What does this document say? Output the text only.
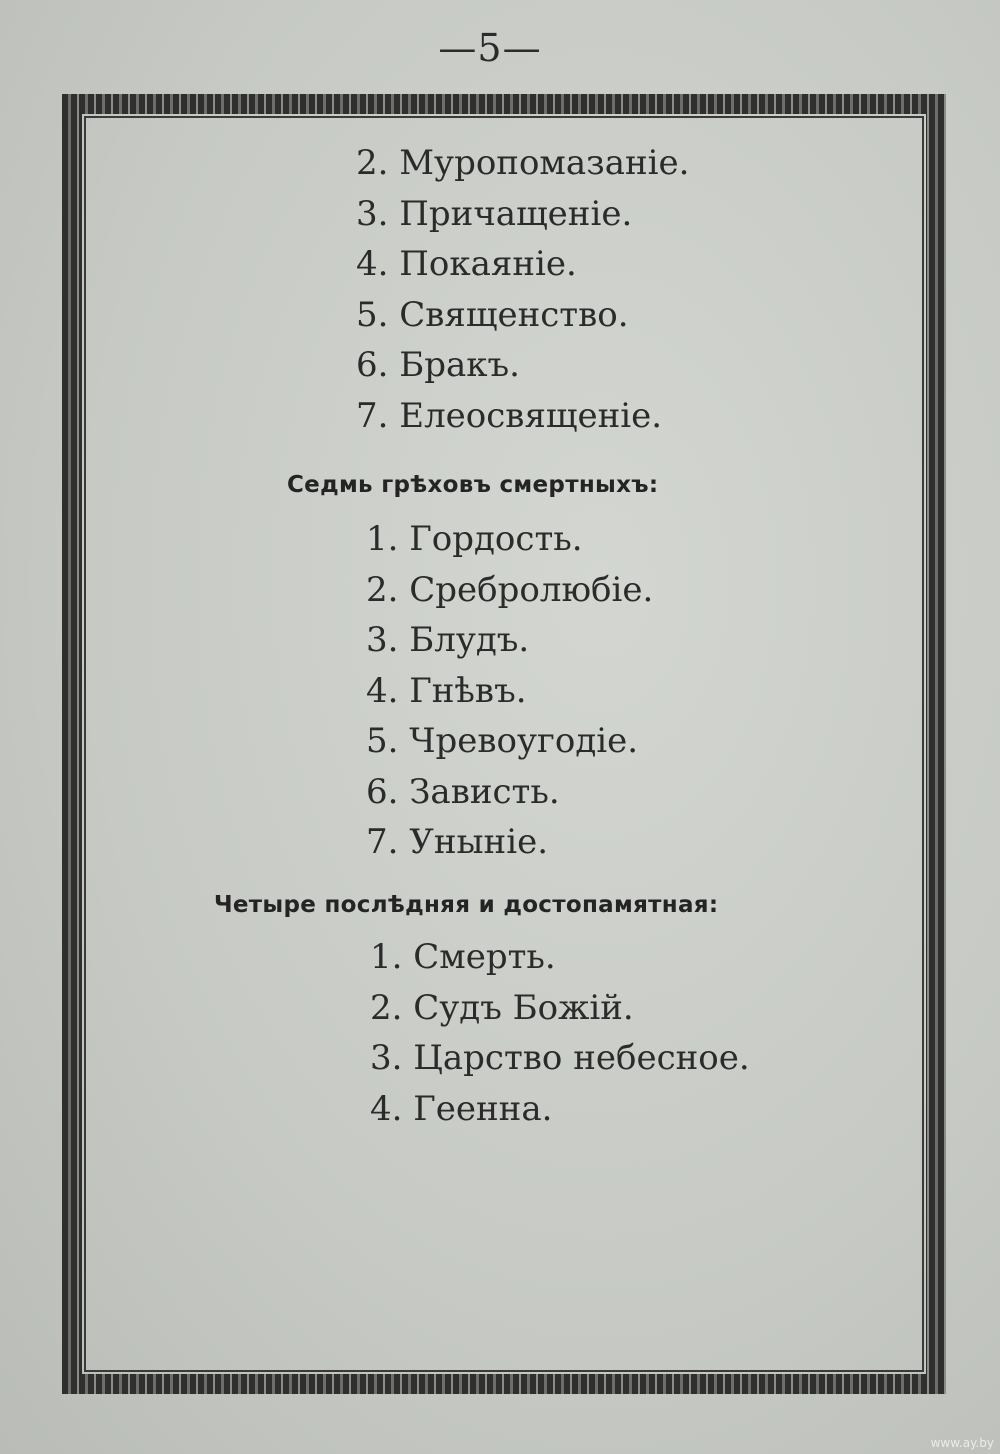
—5—
2. Муропомазаніе.
3. Причащеніе.
4. Покаяніе.
5. Священство.
6. Бракъ.
7. Елеосвященіе.
Седмь грѣховъ смертныхъ:
1. Гордость.
2. Сребролюбіе.
3. Блудъ.
4. Гнѣвъ.
5. Чревоугодіе.
6. Зависть.
7. Уныніе.
Четыре послѣдняя и достопамятная:
1. Смерть.
2. Судъ Божій.
3. Царство небесное.
4. Геенна.
www.ay.by
